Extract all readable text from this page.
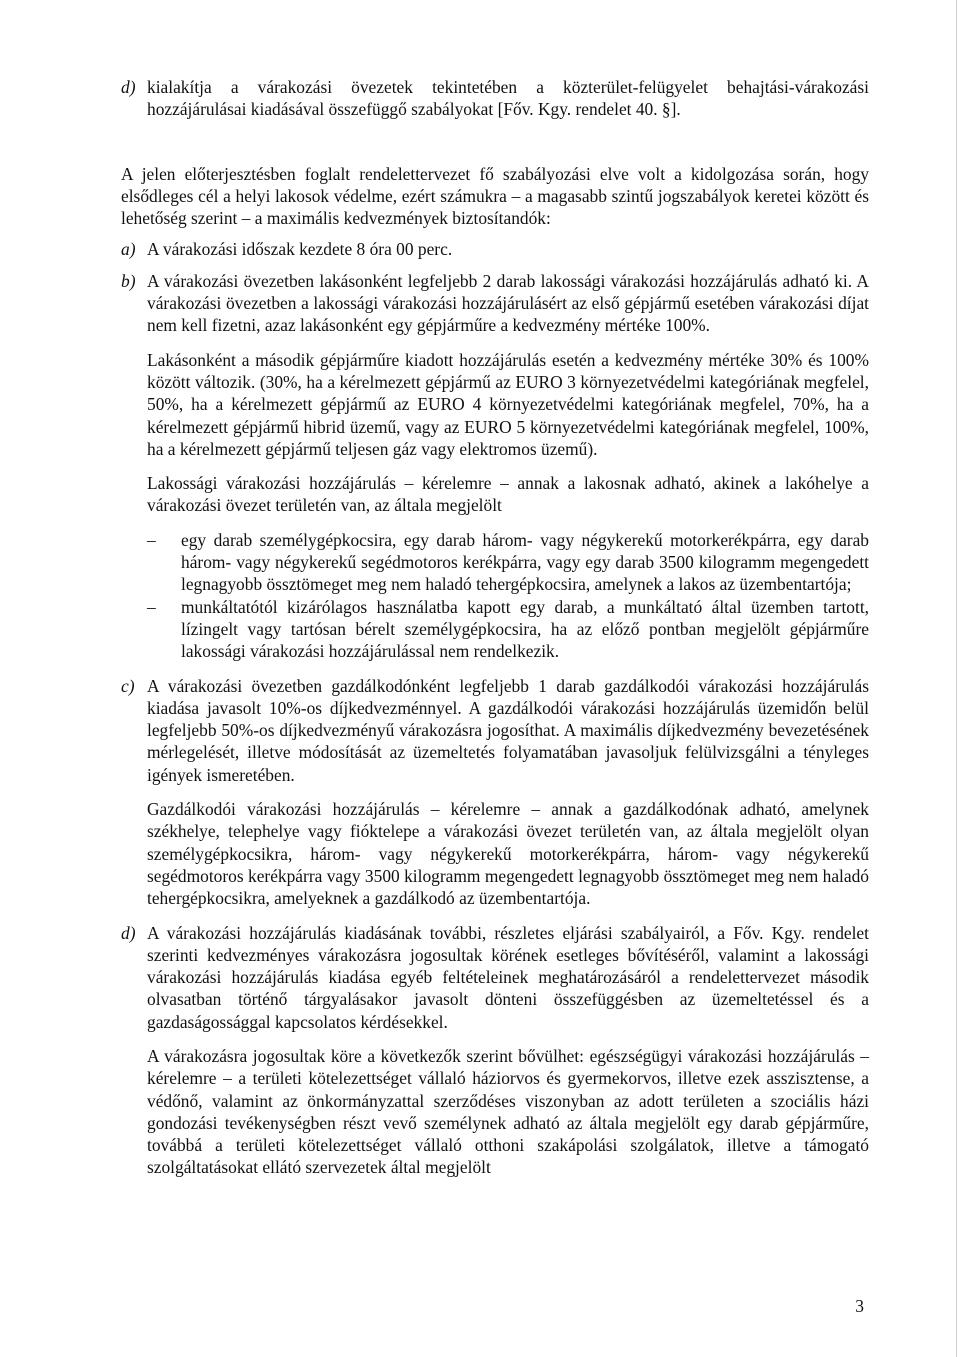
d) kialakítja a várakozási övezetek tekintetében a közterület-felügyelet behajtási-várakozási hozzájárulásai kiadásával összefüggő szabályokat [Főv. Kgy. rendelet 40. §].

A jelen előterjesztésben foglalt rendelettervezet fő szabályozási elve volt a kidolgozása során, hogy elsődleges cél a helyi lakosok védelme, ezért számukra – a magasabb szintű jogszabályok keretei között és lehetőség szerint – a maximális kedvezmények biztosítandók:

a) A várakozási időszak kezdete 8 óra 00 perc.
b) A várakozási övezetben lakásonként legfeljebb 2 darab lakossági várakozási hozzájárulás adható ki. A várakozási övezetben a lakossági várakozási hozzájárulásért az első gépjármű esetében várakozási díjat nem kell fizetni, azaz lakásonként egy gépjárműre a kedvezmény mértéke 100%.

Lakásonként a második gépjárműre kiadott hozzájárulás esetén a kedvezmény mértéke 30% és 100% között változik. (30%, ha a kérelmezett gépjármű az EURO 3 környezetvédelmi kategóriának megfelel, 50%, ha a kérelmezett gépjármű az EURO 4 környezetvédelmi kategóriának megfelel, 70%, ha a kérelmezett gépjármű hibrid üzemű, vagy az EURO 5 környezetvédelmi kategóriának megfelel, 100%, ha a kérelmezett gépjármű teljesen gáz vagy elektromos üzemű).

Lakossági várakozási hozzájárulás – kérelemre – annak a lakosnak adható, akinek a lakóhelye a várakozási övezet területén van, az általa megjelölt

–	egy darab személygépkocsira, egy darab három- vagy négykerekű motorkerékpárra, egy darab három- vagy négykerekű segédmotoros kerékpárra, vagy egy darab 3500 kilogramm megengedett legnagyobb össztömeget meg nem haladó tehergépkocsira, amelynek a lakos az üzembentartója;
–	munkáltatótól kizárólagos használatba kapott egy darab, a munkáltató által üzemben tartott, lízingelt vagy tartósan bérelt személygépkocsira, ha az előző pontban megjelölt gépjárműre lakossági várakozási hozzájárulással nem rendelkezik.
c) A várakozási övezetben gazdálkodónként legfeljebb 1 darab gazdálkodói várakozási hozzájárulás kiadása javasolt 10%-os díjkedvezménnyel. A gazdálkodói várakozási hozzájárulás üzemidőn belül legfeljebb 50%-os díjkedvezményű várakozásra jogosíthat. A maximális díjkedvezmény bevezetésének mérlegelését, illetve módosítását az üzemeltetés folyamatában javasoljuk felülvizsgálni a tényleges igények ismeretében.

Gazdálkodói várakozási hozzájárulás – kérelemre – annak a gazdálkodónak adható, amelynek székhelye, telephelye vagy fióktelepe a várakozási övezet területén van, az általa megjelölt olyan személygépkocsikra, három- vagy négykerekű motorkerékpárra, három- vagy négykerekű segédmotoros kerékpárra vagy 3500 kilogramm megengedett legnagyobb össztömeget meg nem haladó tehergépkocsikra, amelyeknek a gazdálkodó az üzembentartója.

d) A várakozási hozzájárulás kiadásának további, részletes eljárási szabályairól, a Főv. Kgy. rendelet szerinti kedvezményes várakozásra jogosultak körének esetleges bővítéséről, valamint a lakossági várakozási hozzájárulás kiadása egyéb feltételeinek meghatározásáról a rendelettervezet második olvasatban történő tárgyalásakor javasolt dönteni összefüggésben az üzemeltetéssel és a gazdaságossággal kapcsolatos kérdésekkel.

A várakozásra jogosultak köre a következők szerint bővülhet: egészségügyi várakozási hozzájárulás – kérelemre – a területi kötelezettséget vállaló háziorvos és gyermekorvos, illetve ezek asszisztense, a védőnő, valamint az önkormányzattal szerződéses viszonyban az adott területen a szociális házi gondozási tevékenységben részt vevő személynek adható az általa megjelölt egy darab gépjárműre, továbbá a területi kötelezettséget vállaló otthoni szakápolási szolgálatok, illetve a támogató szolgáltatásokat ellátó szervezetek által megjelölt

3
